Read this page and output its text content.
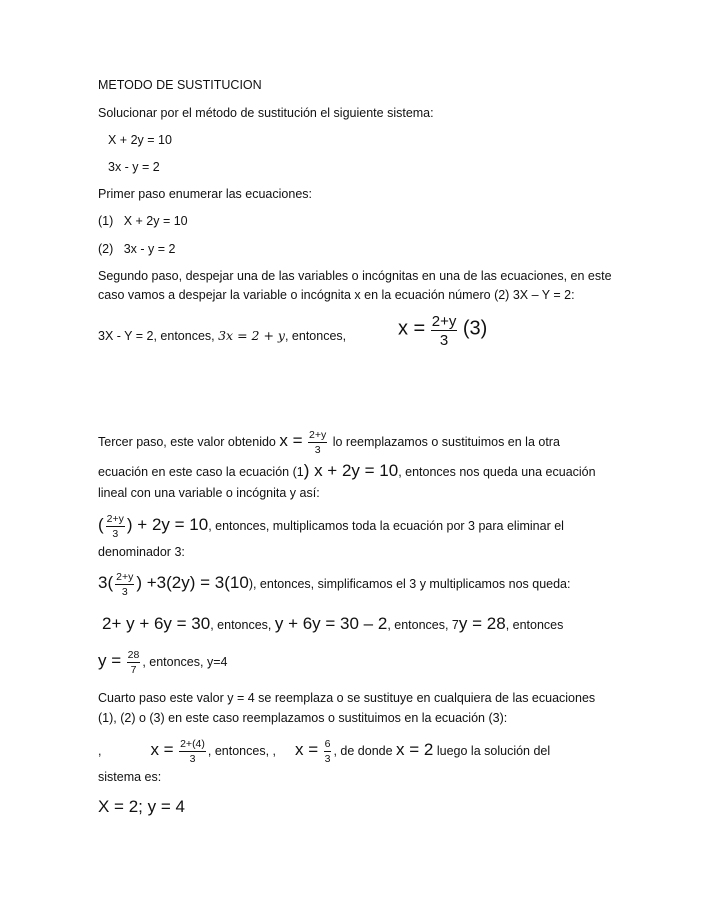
METODO DE SUSTITUCION
Solucionar por el método de sustitución el siguiente sistema:
X + 2y = 10
3x - y = 2
Primer paso enumerar las ecuaciones:
(1) X + 2y = 10
(2) 3x - y = 2
Segundo paso, despejar una de las variables o incógnitas en una de las ecuaciones, en este
caso vamos a despejar la variable o incógnita x en la ecuación número (2) 3X – Y = 2:
3X - Y = 2, entonces, 3𝑥 = 2 + 𝑦, entonces,	$x = \frac{2+y}{3} (3)$
Tercer paso, este valor obtenido $x = \frac{2+y}{3}$ lo reemplazamos o sustituimos en la otra
ecuación en este caso la ecuación (1) x + 2y = 10, entonces nos queda una ecuación
lineal con una variable o incógnita y así:
( $\frac{2+y}{3}$ ) + 2y = 10, entonces, multiplicamos toda la ecuación por 3 para eliminar el
denominador 3:
$3( \frac{2+y}{3}$ ) +3(2y) = 3(10), entonces, simplificamos el 3 y multiplicamos nos queda:
2+ y + 6y = 30, entonces, y + 6y = 30 – 2, entonces, 7y = 28, entonces
$y = \frac{28}{7}$ , entonces, y=4
Cuarto paso este valor y = 4 se reemplaza o se sustituye en cualquiera de las ecuaciones
(1), (2) o (3) en este caso reemplazamos o sustituimos en la ecuación (3):
,	$x = \frac{2+(4)}{3}$ , entonces, , $x = \frac{6}{3}$ , de donde x = 2 luego la solución del
sistema es:
X = 2; y = 4
